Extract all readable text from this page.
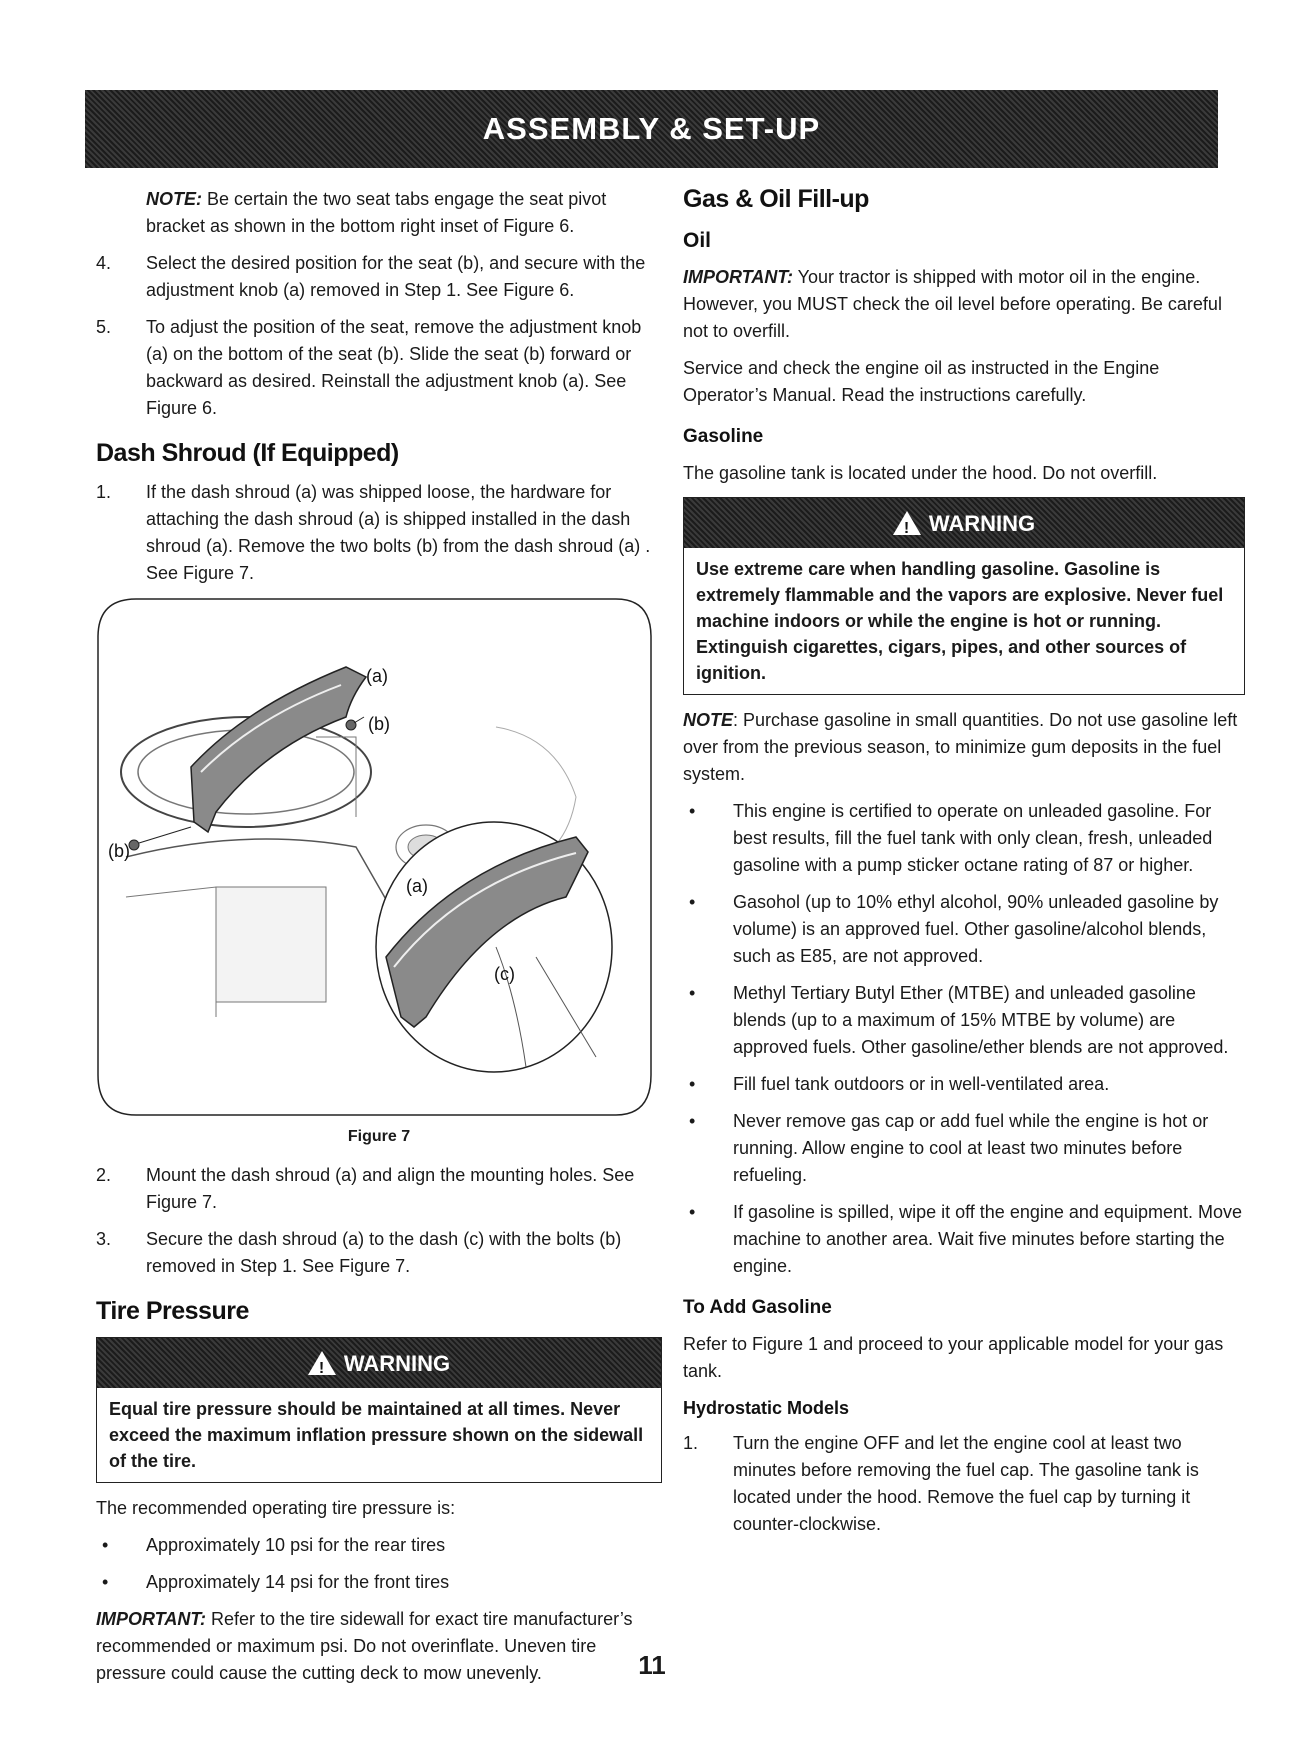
ASSEMBLY & SET-UP

NOTE: Be certain the two seat tabs engage the seat pivot bracket as shown in the bottom right inset of Figure 6.

4.	Select the desired position for the seat (b), and secure with the adjustment knob (a) removed in Step 1. See Figure 6.
5.	To adjust the position of the seat, remove the adjustment knob (a) on the bottom of the seat (b). Slide the seat (b) forward or backward as desired. Reinstall the adjustment knob (a). See Figure 6.
Dash Shroud (If Equipped)
1.	If the dash shroud (a) was shipped loose, the hardware for attaching the dash shroud (a) is shipped installed in the dash shroud (a). Remove the two bolts (b) from the dash shroud (a) . See Figure 7.
(a)
(b)
(b)
(a)
(c)
Figure 7
2.	Mount the dash shroud (a) and align the mounting holes. See Figure 7.
3.	Secure the dash shroud (a) to the dash (c) with the bolts (b) removed in Step 1. See Figure 7.
Tire Pressure
!
WARNING
Equal tire pressure should be maintained at all times. Never exceed the maximum inflation pressure shown on the sidewall of the tire.

The recommended operating tire pressure is:

•	Approximately 10 psi for the rear tires
•	Approximately 14 psi for the front tires

IMPORTANT: Refer to the tire sidewall for exact tire manufacturer’s recommended or maximum psi. Do not overinflate. Uneven tire pressure could cause the cutting deck to mow unevenly.

Gas & Oil Fill-up
Oil

IMPORTANT: Your tractor is shipped with motor oil in the engine. However, you MUST check the oil level before operating. Be careful not to overfill.

Service and check the engine oil as instructed in the Engine Operator’s Manual. Read the instructions carefully.

Gasoline

The gasoline tank is located under the hood. Do not overfill.

!
WARNING
Use extreme care when handling gasoline. Gasoline is extremely flammable and the vapors are explosive. Never fuel machine indoors or while the engine is hot or running. Extinguish cigarettes, cigars, pipes, and other sources of ignition.

NOTE: Purchase gasoline in small quantities. Do not use gasoline left over from the previous season, to minimize gum deposits in the fuel system.

•	This engine is certified to operate on unleaded gasoline. For best results, fill the fuel tank with only clean, fresh, unleaded gasoline with a pump sticker octane rating of 87 or higher.
•	Gasohol (up to 10% ethyl alcohol, 90% unleaded gasoline by volume) is an approved fuel. Other gasoline/alcohol blends, such as E85, are not approved.
•	Methyl Tertiary Butyl Ether (MTBE) and unleaded gasoline blends (up to a maximum of 15% MTBE by volume) are approved fuels. Other gasoline/ether blends are not approved.
•	Fill fuel tank outdoors or in well-ventilated area.
•	Never remove gas cap or add fuel while the engine is hot or running. Allow engine to cool at least two minutes before refueling.
•	If gasoline is spilled, wipe it off the engine and equipment. Move machine to another area. Wait five minutes before starting the engine.
To Add Gasoline

Refer to Figure 1 and proceed to your applicable model for your gas tank.

Hydrostatic Models
1.	Turn the engine OFF and let the engine cool at least two minutes before removing the fuel cap. The gasoline tank is located under the hood. Remove the fuel cap by turning it counter-clockwise.
11
